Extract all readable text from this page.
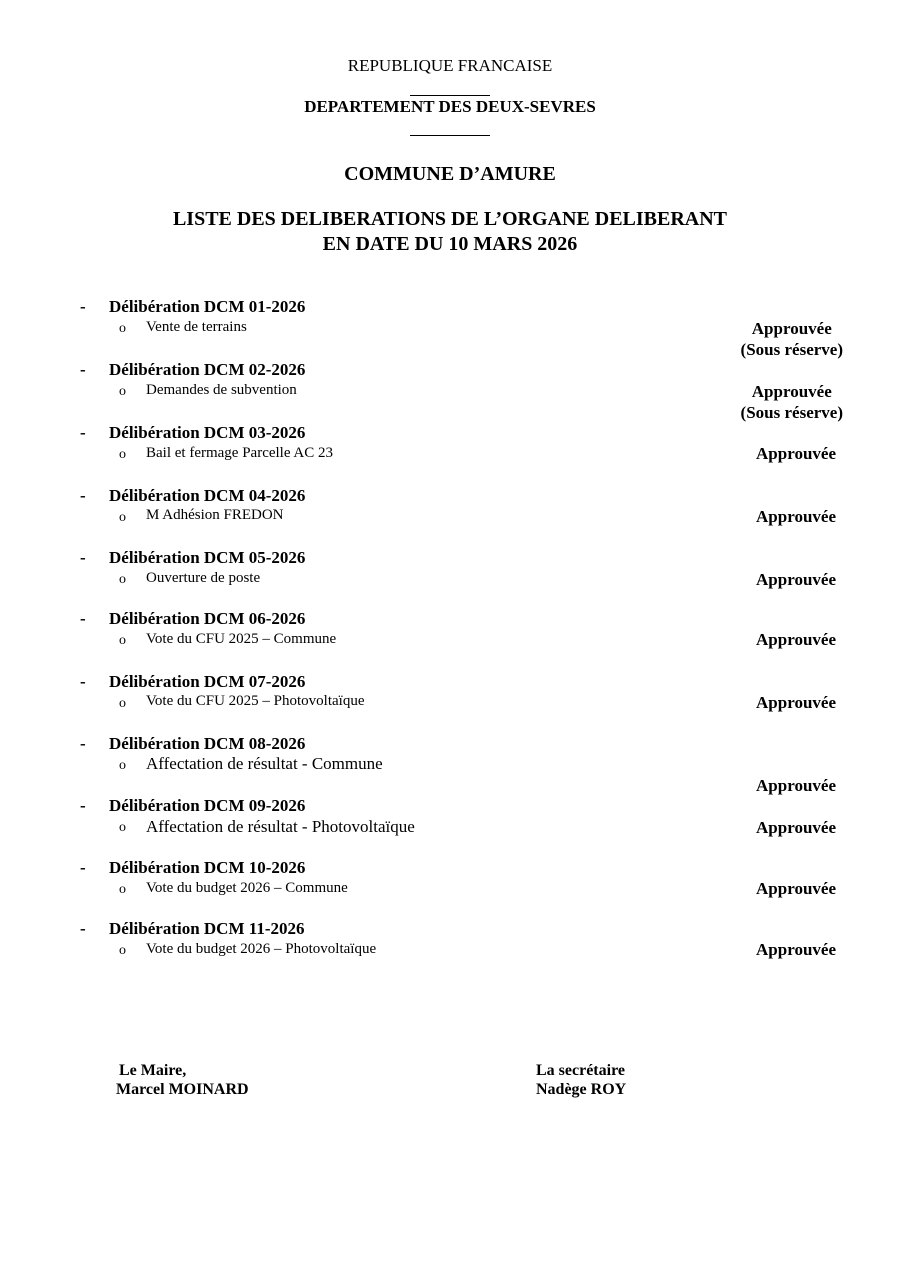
REPUBLIQUE FRANCAISE
DEPARTEMENT DES DEUX-SEVRES
COMMUNE D’AMURE
LISTE DES DELIBERATIONS DE L’ORGANE DELIBERANT
EN DATE DU 10 MARS 2026
- Délibération DCM 01-2026
o Vente de terrains	Approuvée
(Sous réserve)
- Délibération DCM 02-2026
o Demandes de subvention	Approuvée
(Sous réserve)
- Délibération DCM 03-2026
o Bail et fermage Parcelle AC 23	Approuvée
- Délibération DCM 04-2026
o M Adhésion FREDON	Approuvée
- Délibération DCM 05-2026
o Ouverture de poste	Approuvée
- Délibération DCM 06-2026
o Vote du CFU 2025 – Commune	Approuvée
- Délibération DCM 07-2026
o Vote du CFU 2025 – Photovoltaïque	Approuvée
- Délibération DCM 08-2026
o Affectation de résultat - Commune
Approuvée
- Délibération DCM 09-2026
o Affectation de résultat - Photovoltaïque	Approuvée
- Délibération DCM 10-2026
o Vote du budget 2026 – Commune	Approuvée
- Délibération DCM 11-2026
o Vote du budget 2026 – Photovoltaïque	Approuvée
Le Maire,
Marcel MOINARD
La secrétaire
Nadège ROY
